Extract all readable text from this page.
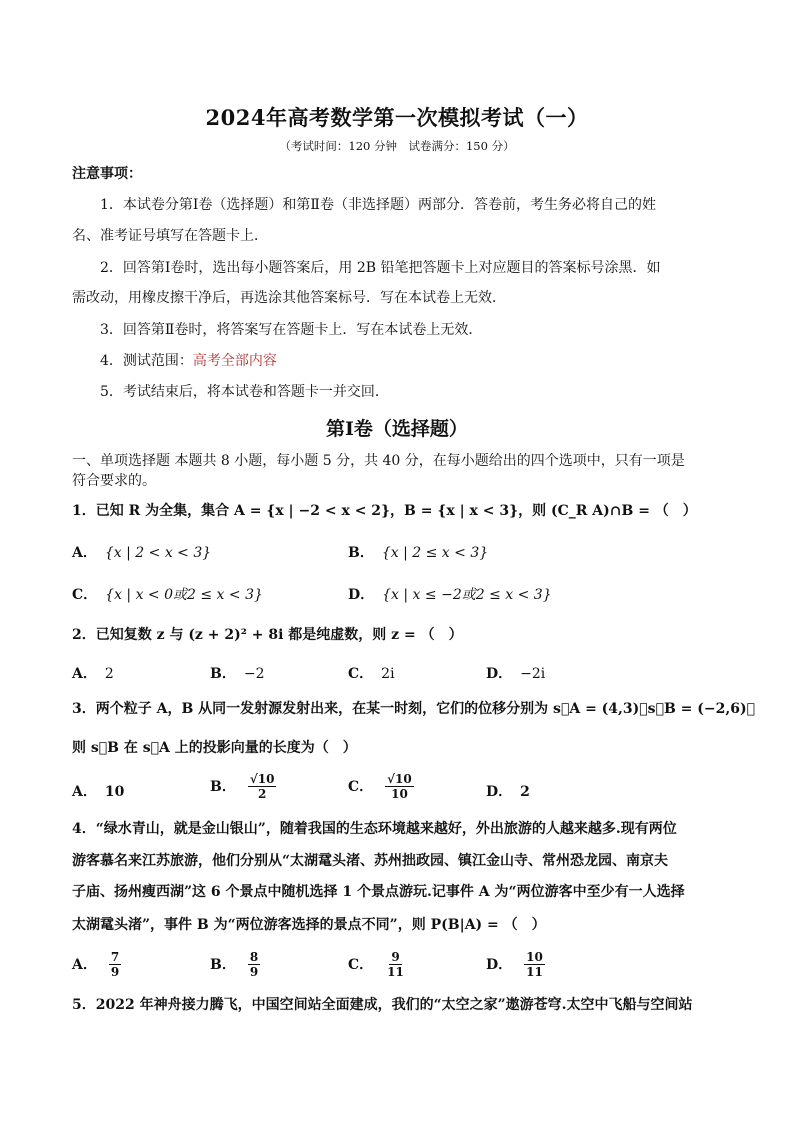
2024年高考数学第一次模拟考试（一）
（考试时间：120 分钟　试卷满分：150 分）
注意事项：
1．本试卷分第Ⅰ卷（选择题）和第Ⅱ卷（非选择题）两部分．答卷前，考生务必将自己的姓
名、准考证号填写在答题卡上．
2．回答第Ⅰ卷时，选出每小题答案后，用 2B 铅笔把答题卡上对应题目的答案标号涂黑．如
需改动，用橡皮擦干净后，再选涂其他答案标号．写在本试卷上无效．
3．回答第Ⅱ卷时，将答案写在答题卡上．写在本试卷上无效．
4．测试范围：高考全部内容
5．考试结束后，将本试卷和答题卡一并交回．
第Ⅰ卷（选择题）
一、单项选择题 本题共 8 小题，每小题 5 分，共 40 分，在每小题给出的四个选项中，只有一项是
符合要求的。
1．已知 R 为全集，集合 A = {x | −2 < x < 2}，B = {x | x < 3}，则 (C_R A)∩B = （　）
A． {x | 2 < x < 3}	B． {x | 2 ≤ x < 3}
C． {x | x < 0或2 ≤ x < 3}	D． {x | x ≤ −2或2 ≤ x < 3}
2．已知复数 z 与 (z + 2)² + 8i 都是纯虚数，则 z = （　）
A． 2	B． −2	C． 2i	D． −2i
3．两个粒子 A，B 从同一发射源发射出来，在某一时刻，它们的位移分别为 s⃗A = (4,3)，s⃗B = (−2,6)，
则 s⃗B 在 s⃗A 上的投影向量的长度为（　）
A． 10	B． $\frac{√10}{2}$	C． $\frac{√10}{10}$	D． 2
4．“绿水青山，就是金山银山”，随着我国的生态环境越来越好，外出旅游的人越来越多.现有两位
游客慕名来江苏旅游，他们分别从“太湖鼋头渚、苏州拙政园、镇江金山寺、常州恐龙园、南京夫
子庙、扬州瘦西湖”这 6 个景点中随机选择 1 个景点游玩.记事件 A 为“两位游客中至少有一人选择
太湖鼋头渚”，事件 B 为“两位游客选择的景点不同”，则 P(B|A) = （　）
A． $\frac{7}{9}$	B． $\frac{8}{9}$	C． $\frac{9}{11}$	D． $\frac{10}{11}$
5．2022 年神舟接力腾飞，中国空间站全面建成，我们的“太空之家”遨游苍穹.太空中飞船与空间站
